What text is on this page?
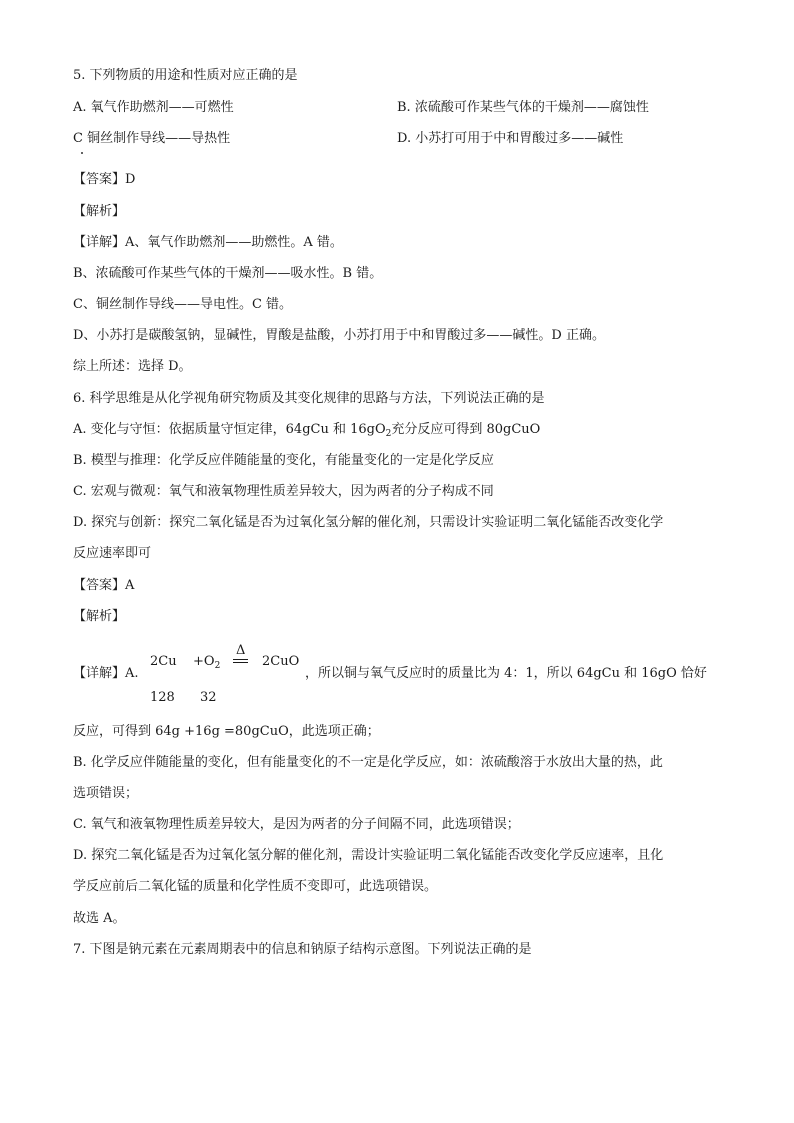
5. 下列物质的用途和性质对应正确的是
A. 氧气作助燃剂——可燃性	B. 浓硫酸可作某些气体的干燥剂——腐蚀性
C 铜丝制作导线——导热性	D. 小苏打可用于中和胃酸过多——碱性
【答案】D
【解析】
【详解】A、氧气作助燃剂——助燃性。A 错。
B、浓硫酸可作某些气体的干燥剂——吸水性。B 错。
C、铜丝制作导线——导电性。C 错。
D、小苏打是碳酸氢钠，显碱性，胃酸是盐酸，小苏打用于中和胃酸过多——碱性。D 正确。
综上所述：选择 D。
6. 科学思维是从化学视角研究物质及其变化规律的思路与方法，下列说法正确的是
A. 变化与守恒：依据质量守恒定律，64gCu 和 $16gO_2$充分反应可得到 80gCuO
B. 模型与推理：化学反应伴随能量的变化，有能量变化的一定是化学反应
C. 宏观与微观：氧气和液氧物理性质差异较大，因为两者的分子构成不同
D. 探究与创新：探究二氧化锰是否为过氧化氢分解的催化剂，只需设计实验证明二氧化锰能否改变化学
反应速率即可
【答案】A
【解析】
【详解】A.
$2Cu +O_2$
Δ
2CuO
128 32
，所以铜与氧气反应时的质量比为 4：1，所以 64gCu 和 16gO 恰好
反应，可得到 64g +16g =80gCuO，此选项正确；
B. 化学反应伴随能量的变化，但有能量变化的不一定是化学反应，如：浓硫酸溶于水放出大量的热，此
选项错误；
C. 氧气和液氧物理性质差异较大，是因为两者的分子间隔不同，此选项错误；
D. 探究二氧化锰是否为过氧化氢分解的催化剂，需设计实验证明二氧化锰能否改变化学反应速率，且化
学反应前后二氧化锰的质量和化学性质不变即可，此选项错误。
故选 A。
7. 下图是钠元素在元素周期表中的信息和钠原子结构示意图。下列说法正确的是
